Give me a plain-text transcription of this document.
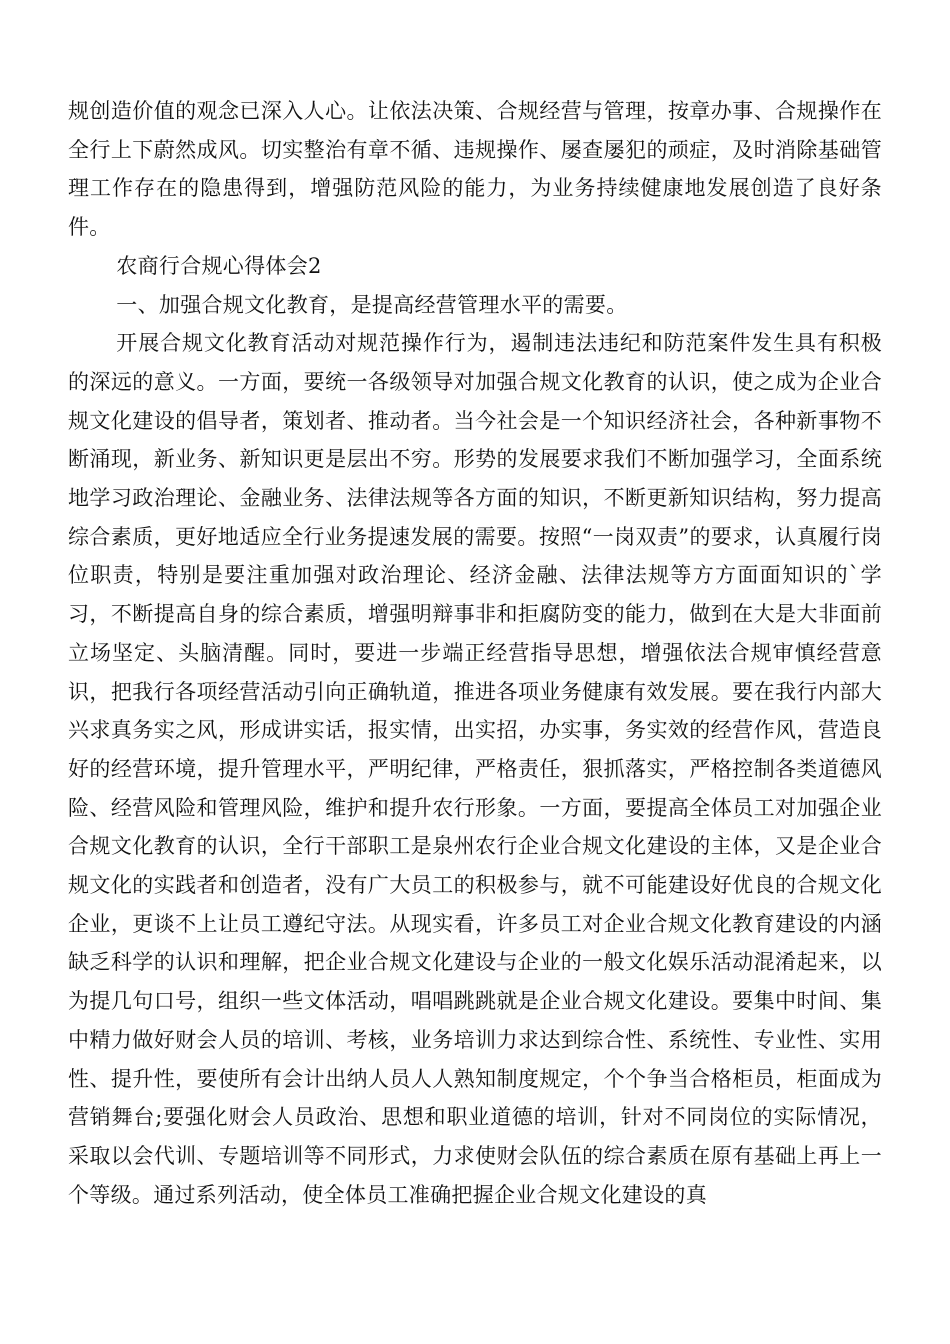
规创造价值的观念已深入人心。让依法决策、合规经营与管理，按章办事、合规操作在全行上下蔚然成风。切实整治有章不循、违规操作、屡查屡犯的顽症，及时消除基础管理工作存在的隐患得到，增强防范风险的能力，为业务持续健康地发展创造了良好条件。

农商行合规心得体会2

一、加强合规文化教育，是提高经营管理水平的需要。

开展合规文化教育活动对规范操作行为，遏制违法违纪和防范案件发生具有积极的深远的意义。一方面，要统一各级领导对加强合规文化教育的认识，使之成为企业合规文化建设的倡导者，策划者、推动者。当今社会是一个知识经济社会，各种新事物不断涌现，新业务、新知识更是层出不穷。形势的发展要求我们不断加强学习，全面系统地学习政治理论、金融业务、法律法规等各方面的知识，不断更新知识结构，努力提高综合素质，更好地适应全行业务提速发展的需要。按照“一岗双责”的要求，认真履行岗位职责，特别是要注重加强对政治理论、经济金融、法律法规等方方面面知识的`学习，不断提高自身的综合素质，增强明辩事非和拒腐防变的能力，做到在大是大非面前立场坚定、头脑清醒。同时，要进一步端正经营指导思想，增强依法合规审慎经营意识，把我行各项经营活动引向正确轨道，推进各项业务健康有效发展。要在我行内部大兴求真务实之风，形成讲实话，报实情，出实招，办实事，务实效的经营作风，营造良好的经营环境，提升管理水平，严明纪律，严格责任，狠抓落实，严格控制各类道德风险、经营风险和管理风险，维护和提升农行形象。一方面，要提高全体员工对加强企业合规文化教育的认识，全行干部职工是泉州农行企业合规文化建设的主体，又是企业合规文化的实践者和创造者，没有广大员工的积极参与，就不可能建设好优良的合规文化企业，更谈不上让员工遵纪守法。从现实看，许多员工对企业合规文化教育建设的内涵缺乏科学的认识和理解，把企业合规文化建设与企业的一般文化娱乐活动混淆起来，以为提几句口号，组织一些文体活动，唱唱跳跳就是企业合规文化建设。要集中时间、集中精力做好财会人员的培训、考核，业务培训力求达到综合性、系统性、专业性、实用性、提升性，要使所有会计出纳人员人人熟知制度规定，个个争当合格柜员，柜面成为营销舞台;要强化财会人员政治、思想和职业道德的培训，针对不同岗位的实际情况，采取以会代训、专题培训等不同形式，力求使财会队伍的综合素质在原有基础上再上一个等级。通过系列活动，使全体员工准确把握企业合规文化建设的真
